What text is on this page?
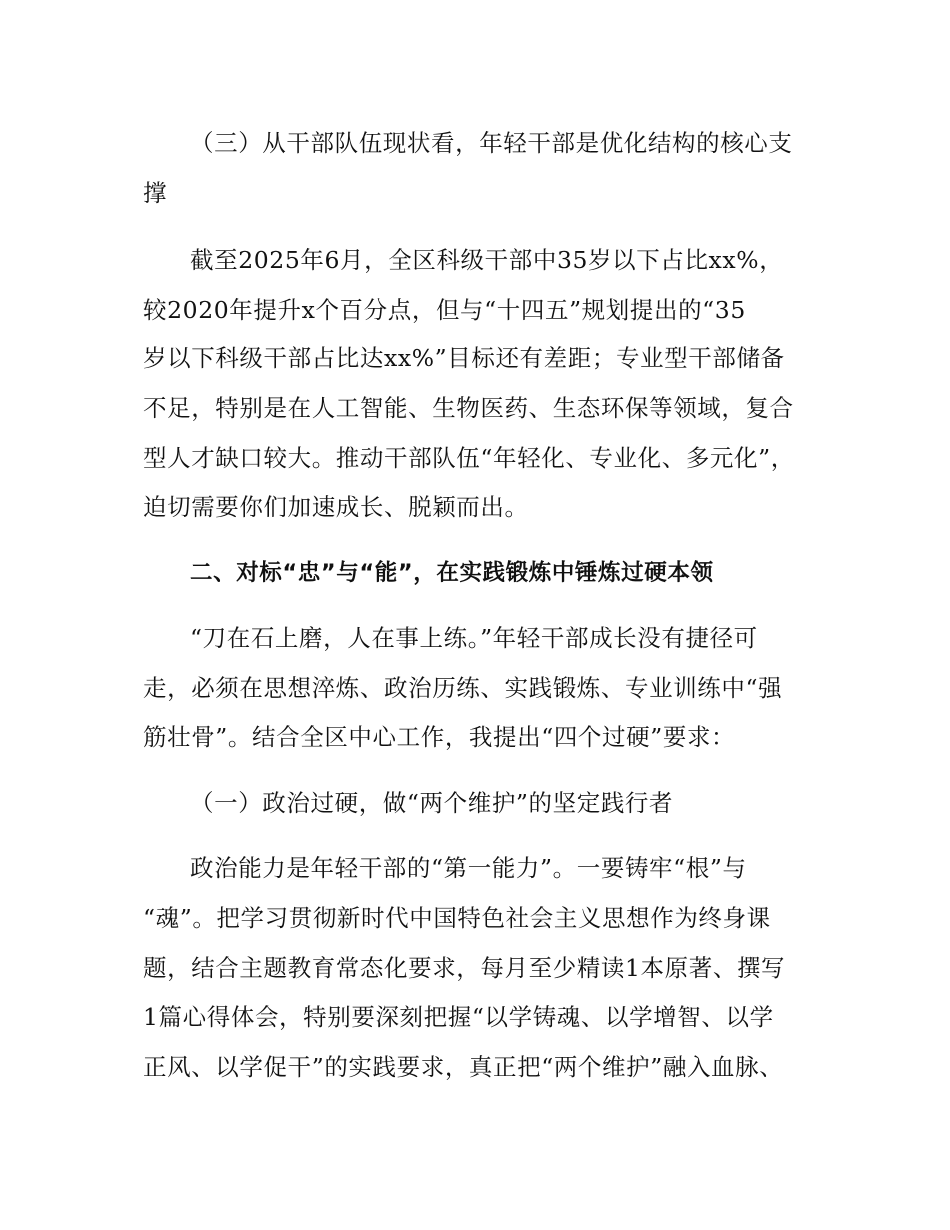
（三）从干部队伍现状看，年轻干部是优化结构的核心支
撑
截至2025年6月，全区科级干部中35岁以下占比xx%，
较2020年提升x个百分点，但与“十四五”规划提出的“35
岁以下科级干部占比达xx%”目标还有差距；专业型干部储备
不足，特别是在人工智能、生物医药、生态环保等领域，复合
型人才缺口较大。推动干部队伍“年轻化、专业化、多元化”，
迫切需要你们加速成长、脱颖而出。
二、对标“忠”与“能”，在实践锻炼中锤炼过硬本领
“刀在石上磨，人在事上练。”年轻干部成长没有捷径可
走，必须在思想淬炼、政治历练、实践锻炼、专业训练中“强
筋壮骨”。结合全区中心工作，我提出“四个过硬”要求：
（一）政治过硬，做“两个维护”的坚定践行者
政治能力是年轻干部的“第一能力”。一要铸牢“根”与
“魂”。把学习贯彻新时代中国特色社会主义思想作为终身课
题，结合主题教育常态化要求，每月至少精读1本原著、撰写
1篇心得体会，特别要深刻把握“以学铸魂、以学增智、以学
正风、以学促干”的实践要求，真正把“两个维护”融入血脉、
